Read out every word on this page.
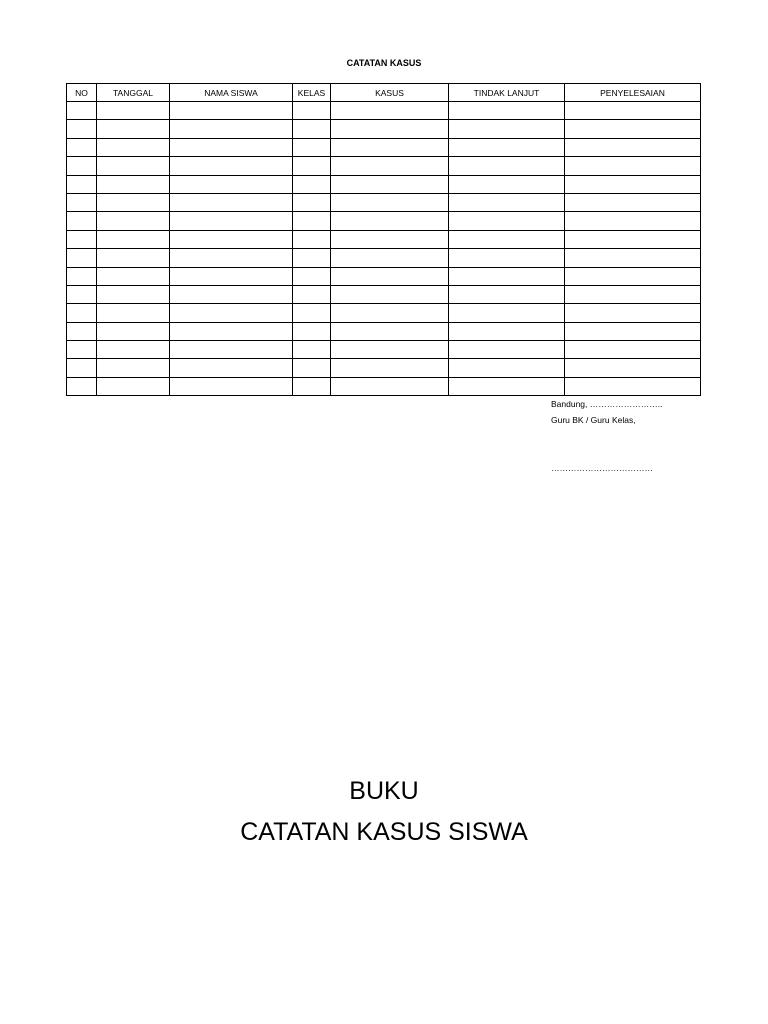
CATATAN KASUS
NO	TANGGAL	NAMA SISWA	KELAS	KASUS	TINDAK LANJUT	PENYELESAIAN

Bandung, ……………………..
Guru BK / Guru Kelas,
………………………………
BUKU
CATATAN KASUS SISWA
